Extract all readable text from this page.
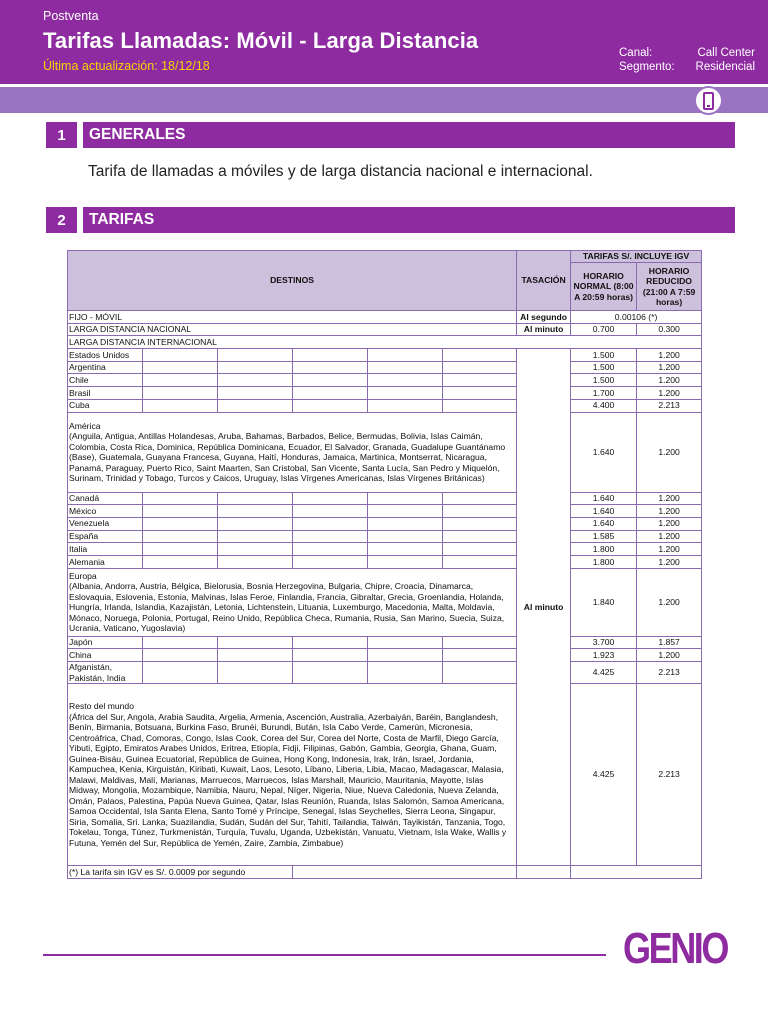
Postventa
Tarifas Llamadas: Móvil - Larga Distancia
Última actualización: 18/12/18
Canal:	Call Center
Segmento: Residencial
1	GENERALES
Tarifa de llamadas a móviles y de larga distancia nacional e internacional.
2	TARIFAS
DESTINOS						TASACIÓN	TARIFAS S/. INCLUYE IGV	
							HORARIO NORMAL (8:00 A 20:59 horas)	HORARIO REDUCIDO (21:00 A 7:59 horas)
FIJO - MÓVIL						Al segundo	0.00106 (*)	
LARGA DISTANCIA NACIONAL						Al minuto	0.700	0.300
LARGA DISTANCIA INTERNACIONAL								
Estados Unidos						Al minuto	1.500	1.200
Argentina							1.500	1.200
Chile							1.500	1.200
Brasil							1.700	1.200
Cuba							4.400	2.213
América
(Anguila, Antigua, Antillas Holandesas, Aruba, Bahamas, Barbados, Belice, Bermudas, Bolivia, Islas Caimán, Colombia, Costa Rica, Dominica, República Dominicana, Ecuador, El Salvador, Granada, Guadalupe Guantánamo (Base), Guatemala, Guayana Francesa, Guyana, Haití, Honduras, Jamaica, Martinica, Montserrat, Nicaragua, Panamá, Paraguay, Puerto Rico, Saint Maarten, San Cristobal, San Vicente, Santa Lucía, San Pedro y Miquelón, Surinam, Trinidad y Tobago, Turcos y Caicos, Uruguay, Islas Vírgenes Americanas, Islas Vírgenes Británicas)							1.640	1.200
Canadá							1.640	1.200
México							1.640	1.200
Venezuela							1.640	1.200
España							1.585	1.200
Italia							1.800	1.200
Alemania							1.800	1.200
Europa
(Albania, Andorra, Austria, Bélgica, Bielorusia, Bosnia Herzegovina, Bulgaria, Chipre, Croacia, Dinamarca, Eslovaquia, Eslovenia, Estonia, Malvinas, Islas Feroe, Finlandia, Francia, Gibraltar, Grecia, Groenlandia, Holanda, Hungría, Irlanda, Islandia, Kazajistán, Letonia, Lichtenstein, Lituania, Luxemburgo, Macedonia, Malta, Moldavia, Mónaco, Noruega, Polonia, Portugal, Reino Unido, República Checa, Rumania, Rusia, San Marino, Suecia, Suiza, Ucrania, Vaticano, Yugoslavia)							1.840	1.200
Japón							3.700	1.857
China							1.923	1.200
Afganistán, Pakistán, India							4.425	2.213
Resto del mundo
(África del Sur, Angola, Arabia Saudita, Argelia, Armenia, Ascención, Australia, Azerbaiyán, Baréin, Banglandesh, Benín, Birmania, Botsuana, Burkina Faso, Brunéi, Burundi, Bután, Isla Cabo Verde, Camerún, Micronesia, Centroáfrica, Chad, Comoras, Congo, Islas Cook, Corea del Sur, Corea del Norte, Costa de Marfil, Diego García, Yibuti, Egipto, Emiratos Arabes Unidos, Eritrea, Etiopía, Fidji, Filipinas, Gabón, Gambia, Georgia, Ghana, Guam, Guinea-Bisáu, Guinea Ecuatorial, República de Guinea, Hong Kong, Indonesia, Irak, Irán, Israel, Jordania, Kampuchea, Kenia, Kirguistán, Kiribati, Kuwait, Laos, Lesoto, Líbano, Liberia, Libia, Macao, Madagascar, Malasia, Malawi, Maldivas, Malí, Marianas, Marruecos, Marruecos, Islas Marshall, Mauricio, Mauritania, Mayotte, Islas Midway, Mongolia, Mozambique, Namibia, Nauru, Nepal, Níger, Nigeria, Niue, Nueva Caledonia, Nueva Zelanda, Omán, Palaos, Palestina, Papúa Nueva Guinea, Qatar, Islas Reunión, Ruanda, Islas Salomón, Samoa Americana, Samoa Occidental, Isla Santa Elena, Santo Tomé y Príncipe, Senegal, Islas Seychelles, Sierra Leona, Singapur, Siria, Somalia, Sri. Lanka, Suazilandia, Sudán, Sudán del Sur, Tahití, Tailandia, Taiwán, Tayikistán, Tanzania, Togo, Tokelau, Tonga, Túnez, Turkmenistán, Turquía, Tuvalu, Uganda, Uzbekistán, Vanuatu, Vietnam, Isla Wake, Wallis y Futuna, Yemén del Sur, República de Yemén, Zaire, Zambia, Zimbabue)							4.425	2.213
(*) La tarifa sin IGV es S/. 0.0009 por segundo								
GENIO
